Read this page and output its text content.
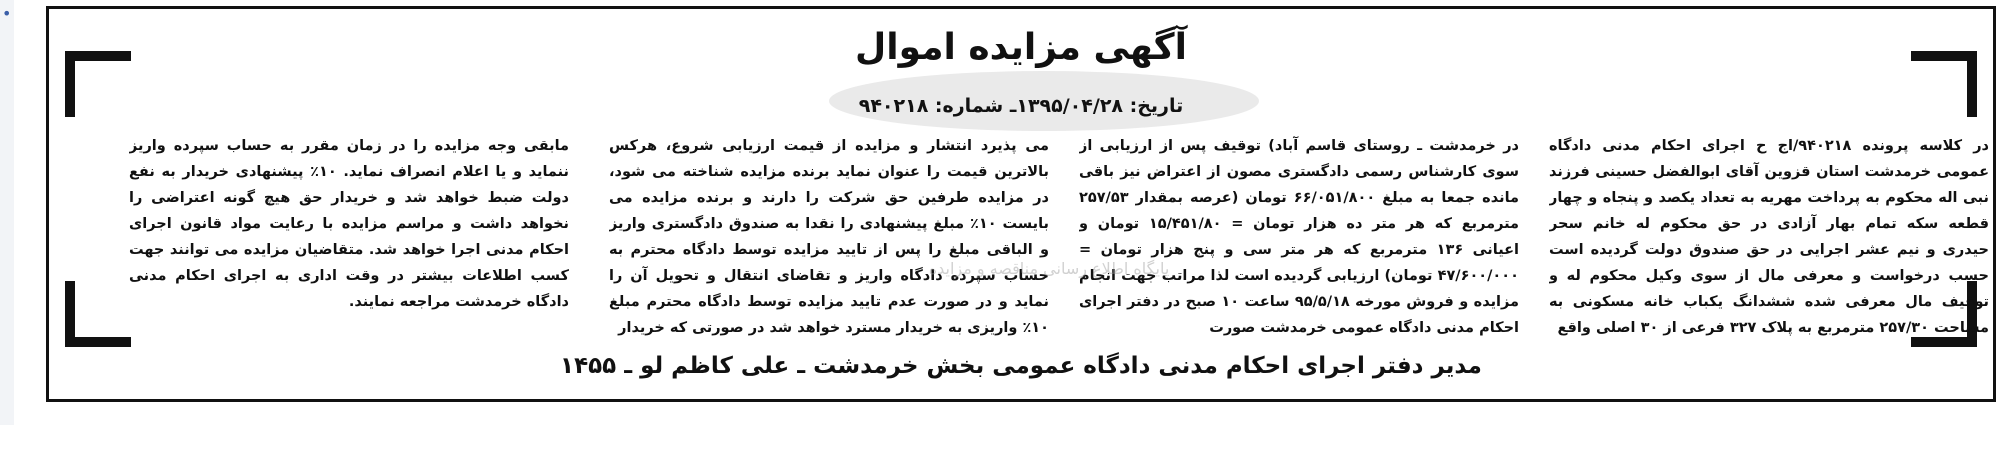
•
آگهی مزایده اموال
تاریخ: ۱۳۹۵/۰۴/۲۸ـ شماره: ۹۴۰۲۱۸
در کلاسه پرونده ۹۴۰۲۱۸/اج ح اجرای احکام مدنی دادگاه عمومی خرمدشت استان قزوین آقای ابوالفضل حسینی فرزند نبی اله محکوم به پرداخت مهریه به تعداد یکصد و پنجاه و چهار قطعه سکه تمام بهار آزادی در حق محکوم له خانم سحر حیدری و نیم عشر اجرایی در حق صندوق دولت گردیده است حسب درخواست و معرفی مال از سوی وکیل محکوم له و توقیف مال معرفی شده ششدانگ یکباب خانه مسکونی به مساحت ۲۵۷/۳۰ مترمربع به پلاک ۳۲۷ فرعی از ۳۰ اصلی واقع
در خرمدشت ـ روستای قاسم آباد) توقیف پس از ارزیابی از سوی کارشناس رسمی دادگستری مصون از اعتراض نیز باقی مانده جمعا به مبلغ ۶۶/۰۵۱/۸۰۰ تومان (عرصه بمقدار ۲۵۷/۵۳ مترمربع که هر متر ده هزار تومان = ۱۵/۴۵۱/۸۰ تومان و اعیانی ۱۳۶ مترمربع که هر متر سی و پنج هزار تومان = ۴۷/۶۰۰/۰۰۰ تومان) ارزیابی گردیده است لذا مراتب جهت انجام مزایده و فروش مورخه ۹۵/۵/۱۸ ساعت ۱۰ صبح در دفتر اجرای احکام مدنی دادگاه عمومی خرمدشت صورت
می پذیرد انتشار و مزایده از قیمت ارزیابی شروع، هرکس بالاترین قیمت را عنوان نماید برنده مزایده شناخته می شود، در مزایده طرفین حق شرکت را دارند و برنده مزایده می بایست ۱۰٪ مبلغ پیشنهادی را نقدا به صندوق دادگستری واریز و الباقی مبلغ را پس از تایید مزایده توسط دادگاه محترم به حساب سپرده دادگاه واریز و تقاضای انتقال و تحویل آن را نماید و در صورت عدم تایید مزایده توسط دادگاه محترم مبلغ ۱۰٪ واریزی به خریدار مسترد خواهد شد در صورتی که خریدار
مابقی وجه مزایده را در زمان مقرر به حساب سپرده واریز ننماید و یا اعلام انصراف نماید. ۱۰٪ پیشنهادی خریدار به نفع دولت ضبط خواهد شد و خریدار حق هیچ گونه اعتراضی را نخواهد داشت و مراسم مزایده با رعایت مواد قانون اجرای احکام مدنی اجرا خواهد شد. متقاضیان مزایده می توانند جهت کسب اطلاعات بیشتر در وقت اداری به اجرای احکام مدنی دادگاه خرمدشت مراجعه نمایند.
پایگاه اطلاع رسانی مناقصه و مزایده
مدیر دفتر اجرای احکام مدنی دادگاه عمومی بخش خرمدشت ـ علی کاظم لو ـ ۱۴۵۵
